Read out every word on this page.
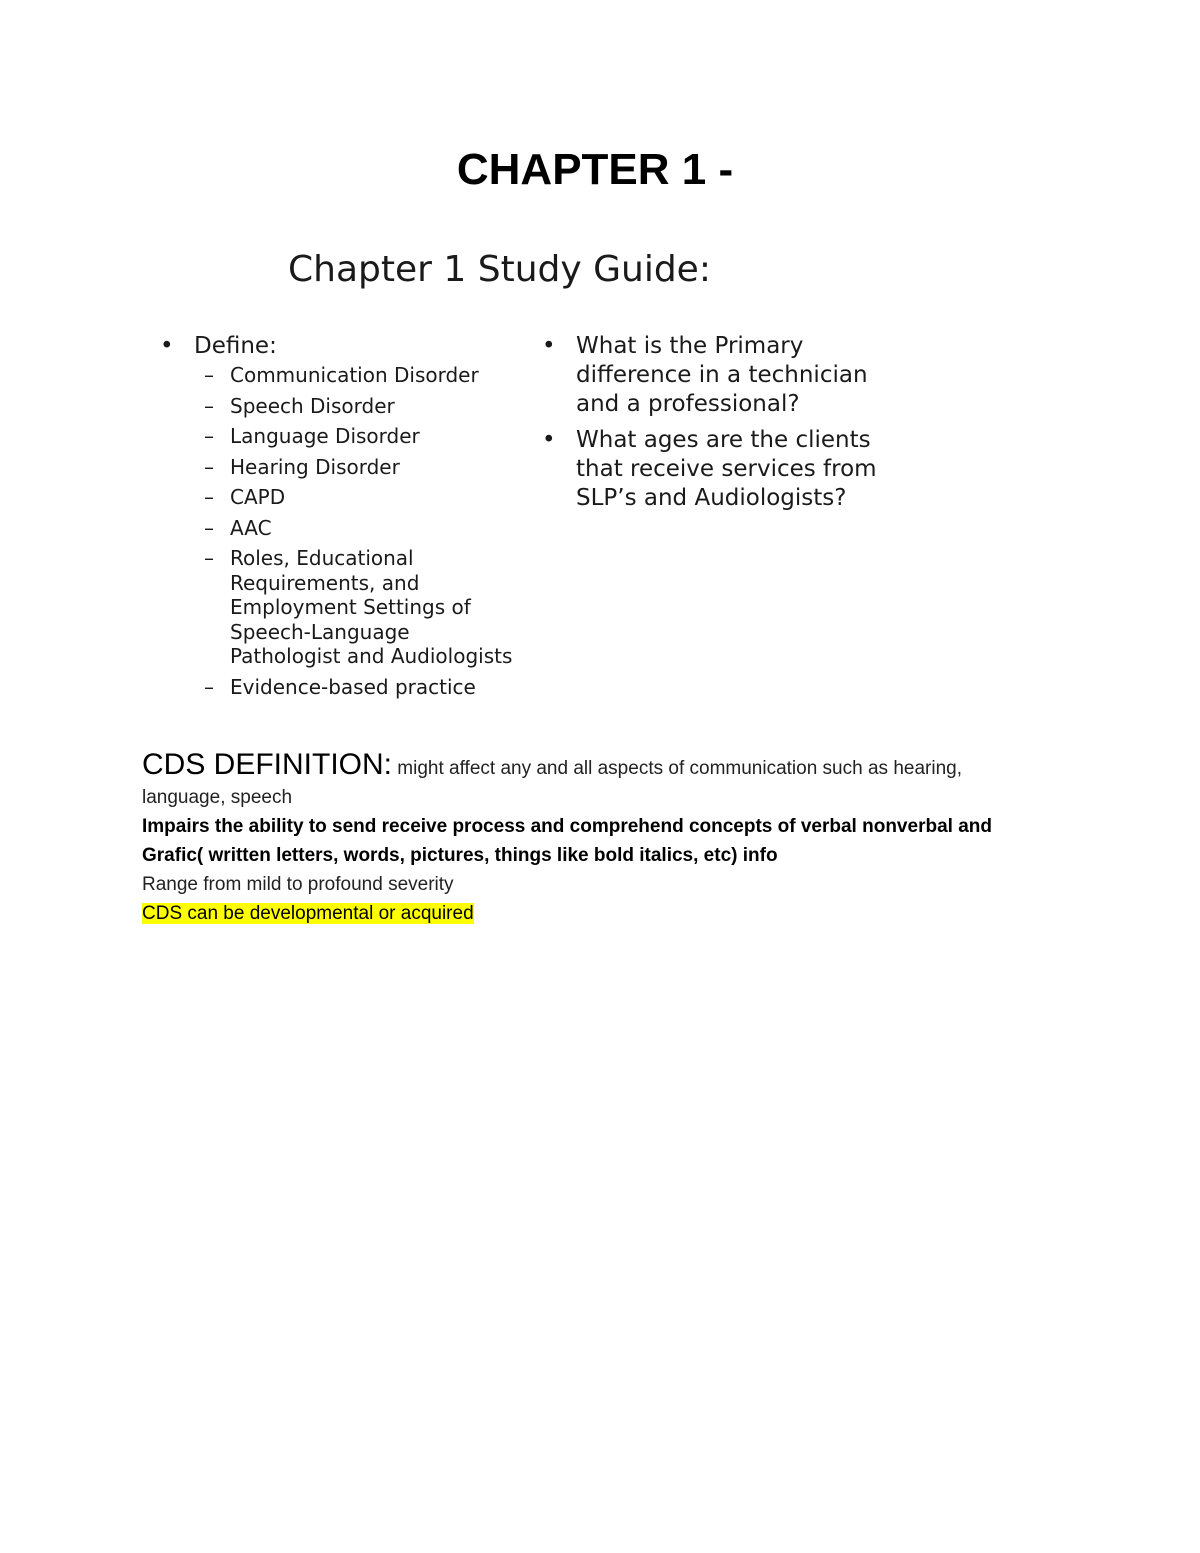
CHAPTER 1 -
Chapter 1 Study Guide:
• Define:
– Communication Disorder
– Speech Disorder
– Language Disorder
– Hearing Disorder
– CAPD
– AAC
– Roles, Educational Requirements, and Employment Settings of Speech-Language Pathologist and Audiologists
– Evidence-based practice
• What is the Primary difference in a technician and a professional?
• What ages are the clients that receive services from SLP’s and Audiologists?

CDS DEFINITION: might affect any and all aspects of communication such as hearing, language, speech

Impairs the ability to send receive process and comprehend concepts of verbal nonverbal and Grafic( written letters, words, pictures, things like bold italics, etc) info

Range from mild to profound severity

CDS can be developmental or acquired
